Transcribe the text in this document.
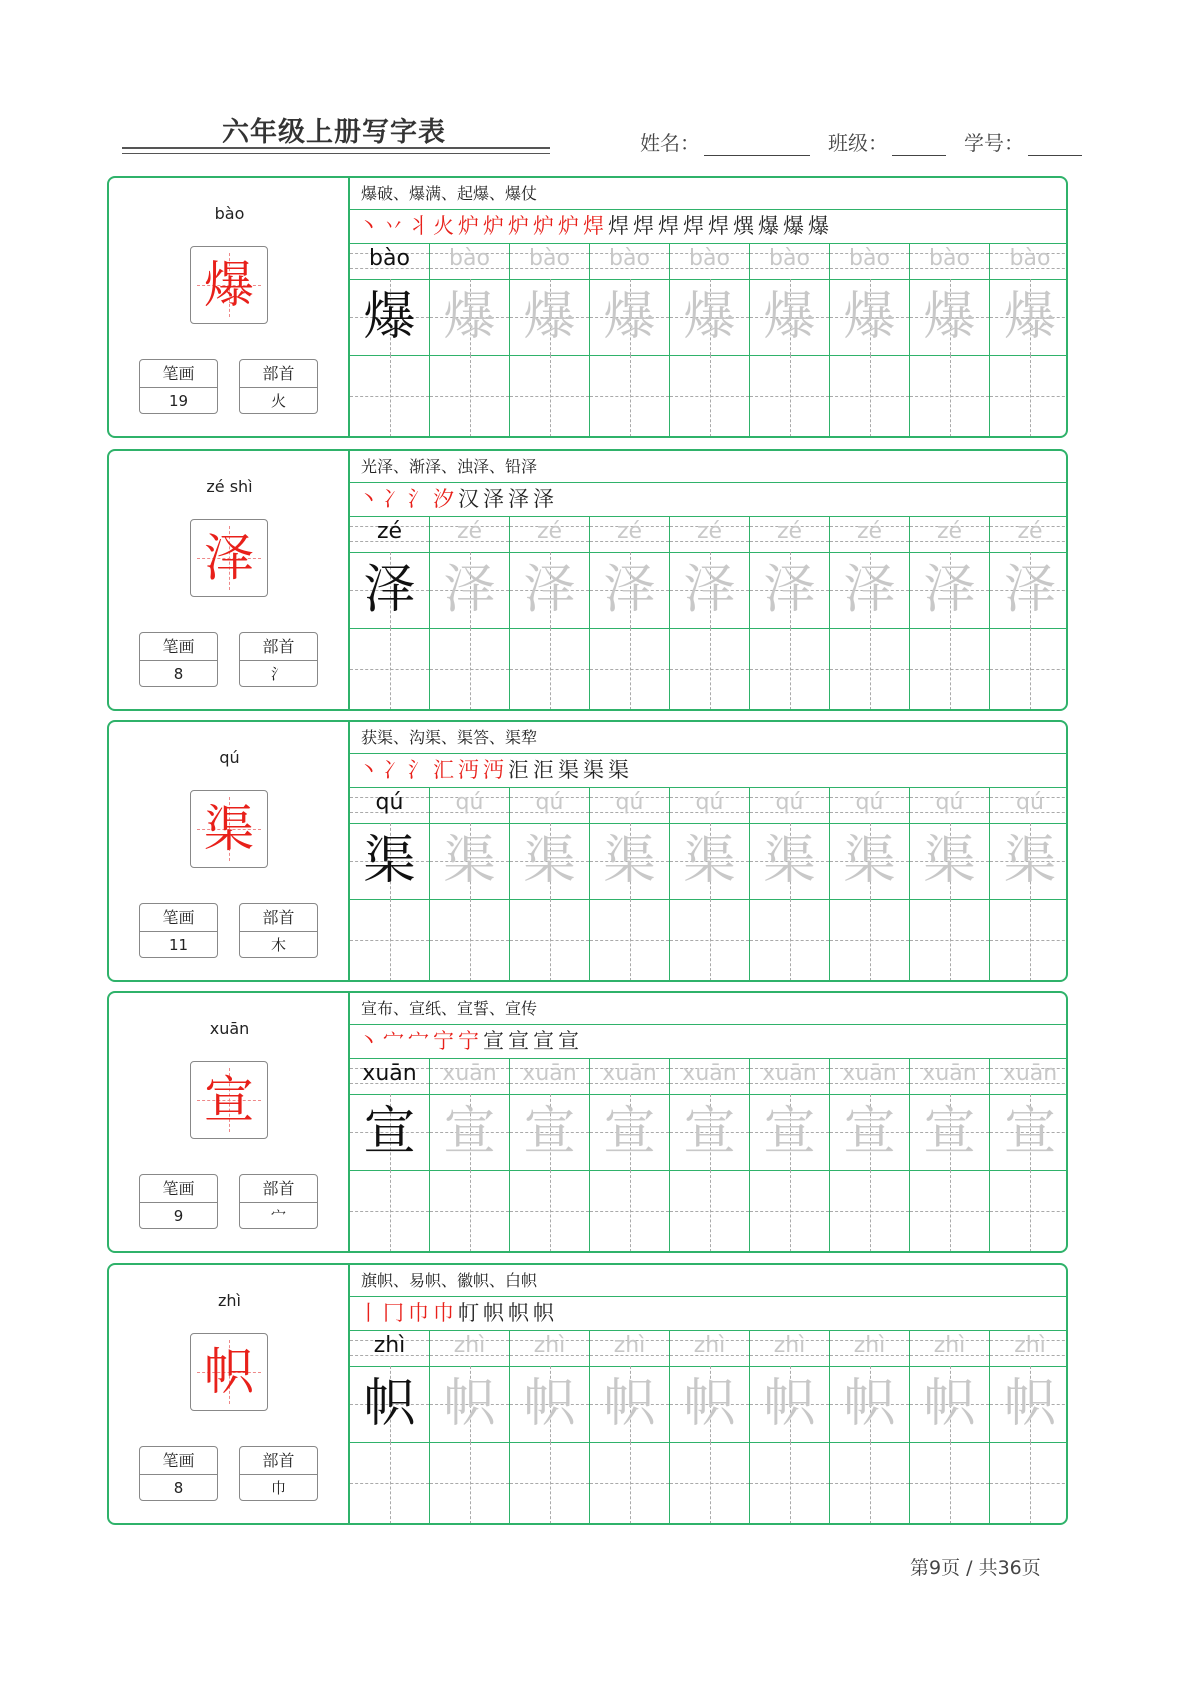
六年级上册写字表	姓名：	班级：	学号：
bào
爆
笔画
19
部首
火
爆破、爆满、起爆、爆仗
丶 丷 丬 火 炉 炉 炉 炉 炉 焊 焊 焊 焊 焊 焊 熼 爆 爆 爆
bào	bào	bào	bào	bào	bào	bào	bào	bào
爆 爆 爆 爆 爆 爆 爆 爆 爆
zé shì
泽
笔画
8
部首
氵
光泽、渐泽、浊泽、铅泽
丶 冫 氵 汐 汉 泽 泽 泽
zé	zé	zé	zé	zé	zé	zé	zé	zé
泽 泽 泽 泽 泽 泽 泽 泽 泽
qú
渠
笔画
11
部首
木
获渠、沟渠、渠答、渠犂
丶 冫 氵 汇 沔 沔 洰 洰 渠 渠 渠
qú	qú	qú	qú	qú	qú	qú	qú	qú
渠 渠 渠 渠 渠 渠 渠 渠 渠
xuān
宣
笔画
9
部首
宀
宣布、宣纸、宣誓、宣传
丶 宀 宀 宁 宁 宣 宣 宣 宣
xuān	xuān	xuān	xuān	xuān	xuān	xuān	xuān	xuān
宣 宣 宣 宣 宣 宣 宣 宣 宣
zhì
帜
笔画
8
部首
巾
旗帜、易帜、徽帜、白帜
丨 冂 巾 巾 帄 帜 帜 帜
zhì	zhì	zhì	zhì	zhì	zhì	zhì	zhì	zhì
帜 帜 帜 帜 帜 帜 帜 帜 帜
第9页 / 共36页
